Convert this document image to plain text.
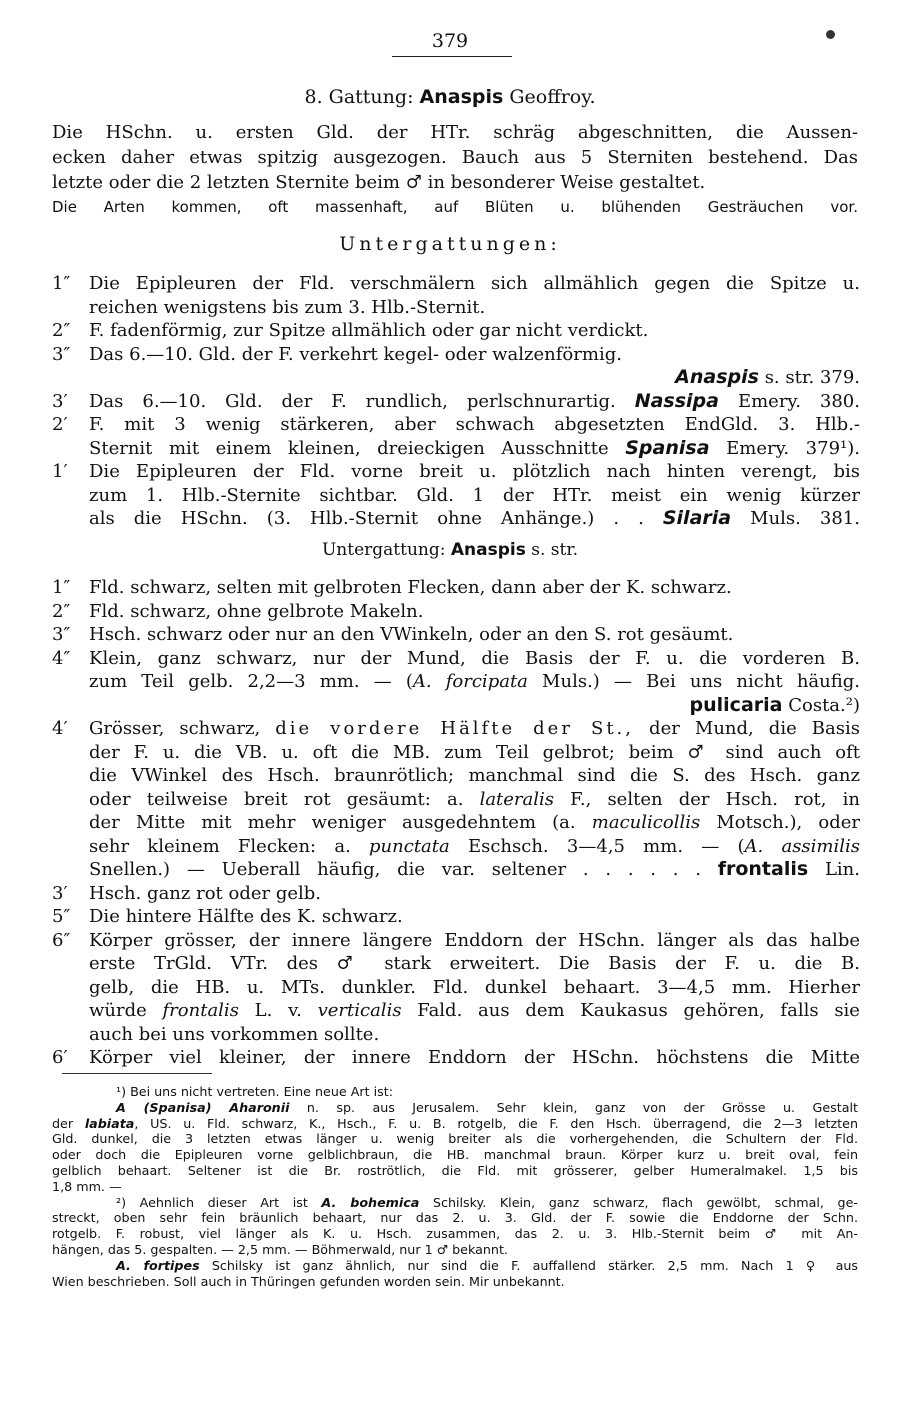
379
8. Gattung: Anaspis Geoffroy.
Die HSchn. u. ersten Gld. der HTr. schräg abgeschnitten, die Aussen-
ecken daher etwas spitzig ausgezogen. Bauch aus 5 Sterniten bestehend. Das
letzte oder die 2 letzten Sternite beim ♂ in besonderer Weise gestaltet.
Die Arten kommen, oft massenhaft, auf Blüten u. blühenden Gesträuchen vor.
Untergattungen:
1″	Die Epipleuren der Fld. verschmälern sich allmählich gegen die Spitze u.
reichen wenigstens bis zum 3. Hlb.-Sternit.
2″	F. fadenförmig, zur Spitze allmählich oder gar nicht verdickt.
3″	Das 6.—10. Gld. der F. verkehrt kegel- oder walzenförmig.
Anaspis s. str. 379.
3′	Das 6.—10. Gld. der F. rundlich, perlschnurartig. Nassipa Emery. 380.
2′	F. mit 3 wenig stärkeren, aber schwach abgesetzten EndGld. 3. Hlb.-
Sternit mit einem kleinen, dreieckigen Ausschnitte Spanisa Emery. 379¹).
1′	Die Epipleuren der Fld. vorne breit u. plötzlich nach hinten verengt, bis
zum 1. Hlb.-Sternite sichtbar. Gld. 1 der HTr. meist ein wenig kürzer
als die HSchn. (3. Hlb.-Sternit ohne Anhänge.) . . Silaria Muls. 381.
Untergattung: Anaspis s. str.
1″	Fld. schwarz, selten mit gelbroten Flecken, dann aber der K. schwarz.
2″	Fld. schwarz, ohne gelbrote Makeln.
3″	Hsch. schwarz oder nur an den VWinkeln, oder an den S. rot gesäumt.
4″	Klein, ganz schwarz, nur der Mund, die Basis der F. u. die vorderen B.
zum Teil gelb. 2,2—3 mm. — (A. forcipata Muls.) — Bei uns nicht häufig.
pulicaria Costa.²)
4′	Grösser, schwarz, die vordere Hälfte der St., der Mund, die Basis
der F. u. die VB. u. oft die MB. zum Teil gelbrot; beim ♂ sind auch oft
die VWinkel des Hsch. braunrötlich; manchmal sind die S. des Hsch. ganz
oder teilweise breit rot gesäumt: a. lateralis F., selten der Hsch. rot, in
der Mitte mit mehr weniger ausgedehntem (a. maculicollis Motsch.), oder
sehr kleinem Flecken: a. punctata Eschsch. 3—4,5 mm. — (A. assimilis
Snellen.) — Ueberall häufig, die var. seltener . . . . . . frontalis Lin.
3′	Hsch. ganz rot oder gelb.
5″	Die hintere Hälfte des K. schwarz.
6″	Körper grösser, der innere längere Enddorn der HSchn. länger als das halbe
erste TrGld. VTr. des ♂ stark erweitert. Die Basis der F. u. die B.
gelb, die HB. u. MTs. dunkler. Fld. dunkel behaart. 3—4,5 mm. Hierher
würde frontalis L. v. verticalis Fald. aus dem Kaukasus gehören, falls sie
auch bei uns vorkommen sollte.
6′	Körper viel kleiner, der innere Enddorn der HSchn. höchstens die Mitte
¹) Bei uns nicht vertreten. Eine neue Art ist:
A (Spanisa) Aharonii n. sp. aus Jerusalem. Sehr klein, ganz von der Grösse u. Gestalt
der labiata, US. u. Fld. schwarz, K., Hsch., F. u. B. rotgelb, die F. den Hsch. überragend, die 2—3 letzten
Gld. dunkel, die 3 letzten etwas länger u. wenig breiter als die vorhergehenden, die Schultern der Fld.
oder doch die Epipleuren vorne gelblichbraun, die HB. manchmal braun. Körper kurz u. breit oval, fein
gelblich behaart. Seltener ist die Br. roströtlich, die Fld. mit grösserer, gelber Humeralmakel. 1,5 bis
1,8 mm. —
²) Aehnlich dieser Art ist A. bohemica Schilsky. Klein, ganz schwarz, flach gewölbt, schmal, ge-
streckt, oben sehr fein bräunlich behaart, nur das 2. u. 3. Gld. der F. sowie die Enddorne der Schn.
rotgelb. F. robust, viel länger als K. u. Hsch. zusammen, das 2. u. 3. Hlb.-Sternit beim ♂ mit An-
hängen, das 5. gespalten. — 2,5 mm. — Böhmerwald, nur 1 ♂ bekannt.
A. fortipes Schilsky ist ganz ähnlich, nur sind die F. auffallend stärker. 2,5 mm. Nach 1 ♀ aus
Wien beschrieben. Soll auch in Thüringen gefunden worden sein. Mir unbekannt.
